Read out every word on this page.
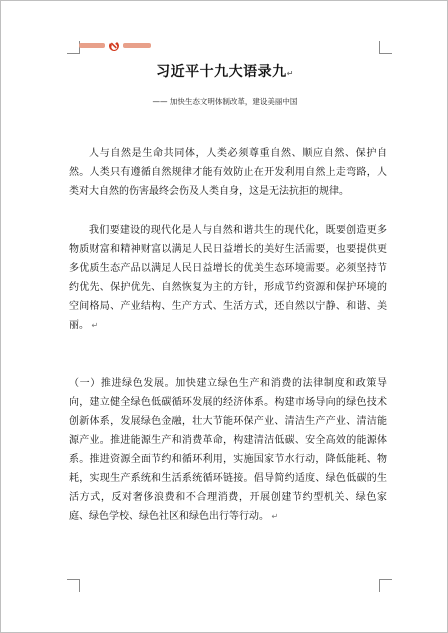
习近平十九大语录九↵
—— 加快生态文明体制改革，建设美丽中国

人与自然是生命共同体，人类必须尊重自然、顺应自然、保护自然。人类只有遵循自然规律才能有效防止在开发利用自然上走弯路，人类对大自然的伤害最终会伤及人类自身，这是无法抗拒的规律。

我们要建设的现代化是人与自然和谐共生的现代化，既要创造更多物质财富和精神财富以满足人民日益增长的美好生活需要，也要提供更多优质生态产品以满足人民日益增长的优美生态环境需要。必须坚持节约优先、保护优先、自然恢复为主的方针，形成节约资源和保护环境的空间格局、产业结构、生产方式、生活方式，还自然以宁静、和谐、美丽。 ↵

（一）推进绿色发展。加快建立绿色生产和消费的法律制度和政策导向，建立健全绿色低碳循环发展的经济体系。构建市场导向的绿色技术创新体系，发展绿色金融，壮大节能环保产业、清洁生产产业、清洁能源产业。推进能源生产和消费革命，构建清洁低碳、安全高效的能源体系。推进资源全面节约和循环利用，实施国家节水行动，降低能耗、物耗，实现生产系统和生活系统循环链接。倡导简约适度、绿色低碳的生活方式，反对奢侈浪费和不合理消费，开展创建节约型机关、绿色家庭、绿色学校、绿色社区和绿色出行等行动。 ↵
